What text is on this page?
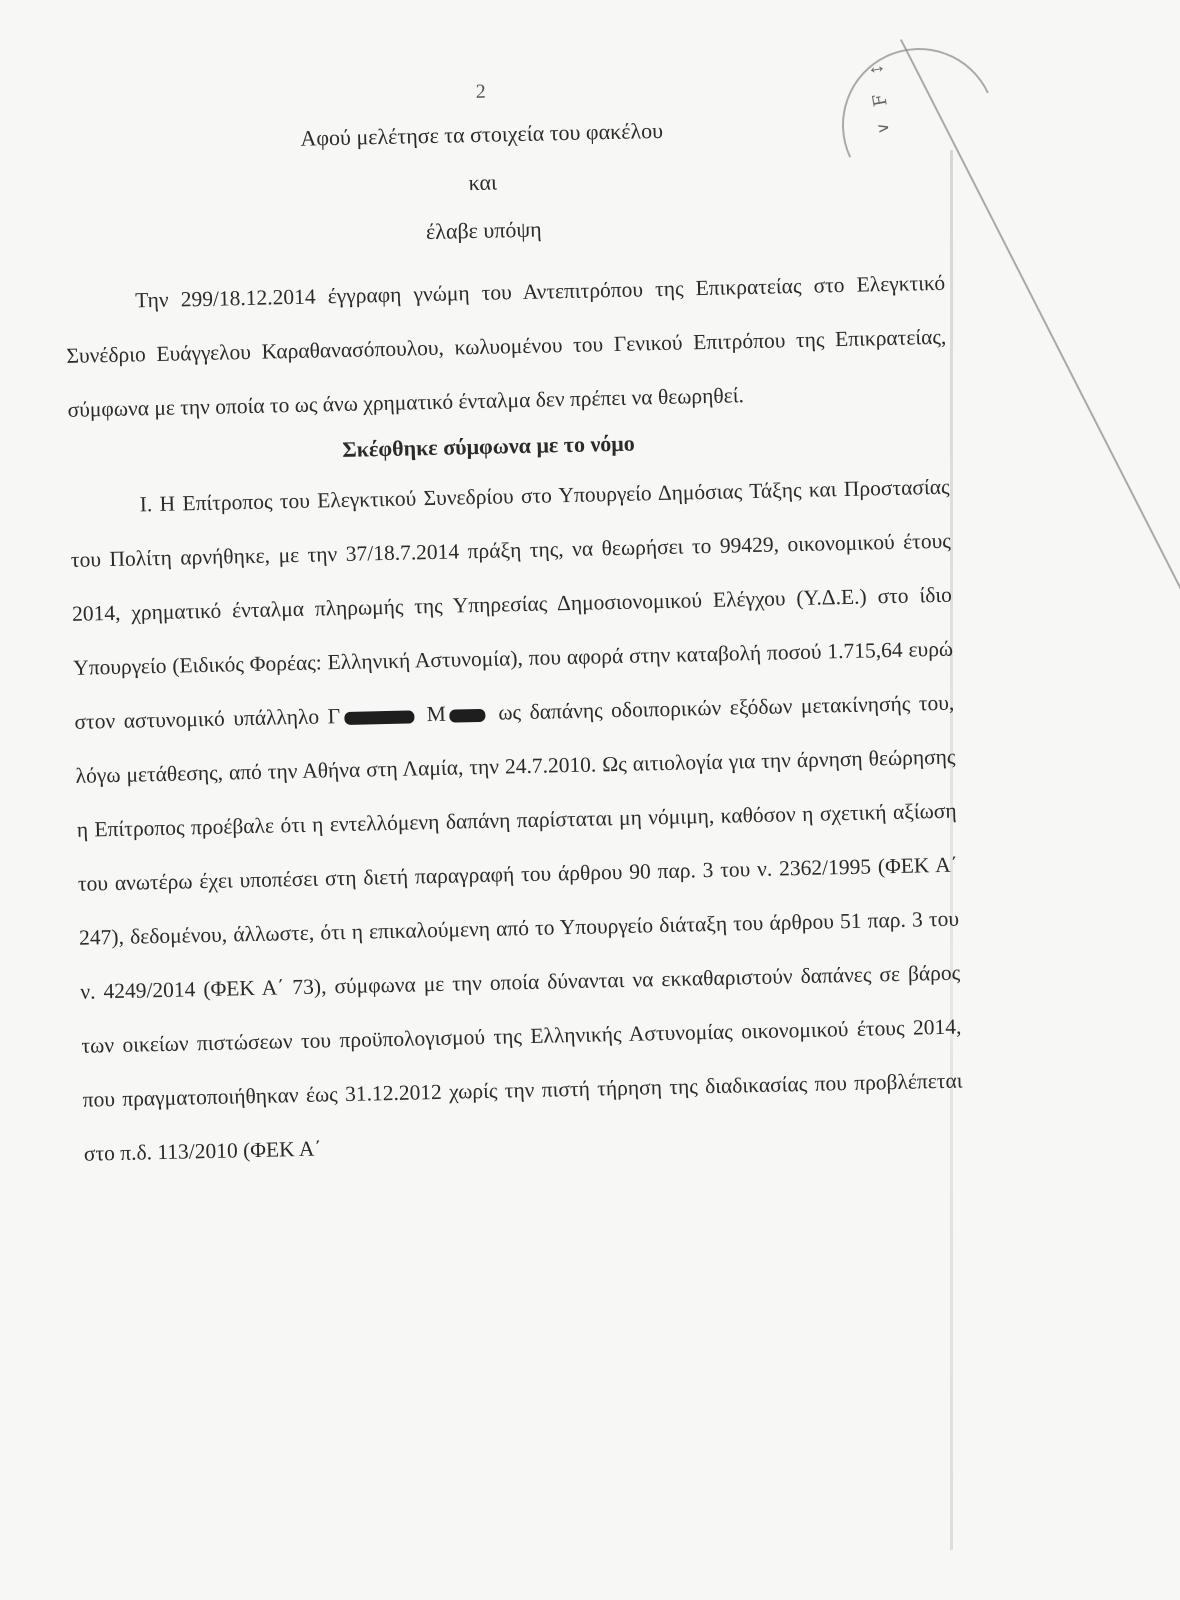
↕
Ⅎ
∧
2
Αφού μελέτησε τα στοιχεία του φακέλου
και
έλαβε υπόψη

Την 299/18.12.2014 έγγραφη γνώμη του Αντεπιτρόπου της Επικρατείας στο Ελεγκτικό Συνέδριο Ευάγγελου Καραθανασόπουλου, κωλυομένου του Γενικού Επιτρόπου της Επικρατείας, σύμφωνα με την οποία το ως άνω χρηματικό ένταλμα δεν πρέπει να θεωρηθεί.

Σκέφθηκε σύμφωνα με το νόμο

Ι. Η Επίτροπος του Ελεγκτικού Συνεδρίου στο Υπουργείο Δημόσιας Τάξης και Προστασίας του Πολίτη αρνήθηκε, με την 37/18.7.2014 πράξη της, να θεωρήσει το 99429, οικονομικού έτους 2014, χρηματικό ένταλμα πληρωμής της Υπηρεσίας Δημοσιονομικού Ελέγχου (Υ.Δ.Ε.) στο ίδιο Υπουργείο (Ειδικός Φορέας: Ελληνική Αστυνομία), που αφορά στην καταβολή ποσού 1.715,64 ευρώ στον αστυνομικό υπάλληλο Γ	Μ ως δαπάνης οδοιπορικών εξόδων μετακίνησής του, λόγω μετάθεσης, από την Αθήνα στη Λαμία, την 24.7.2010. Ως αιτιολογία για την άρνηση θεώρησης η Επίτροπος προέβαλε ότι η εντελλόμενη δαπάνη παρίσταται μη νόμιμη, καθόσον η σχετική αξίωση του ανωτέρω έχει υποπέσει στη διετή παραγραφή του άρθρου 90 παρ. 3 του ν. 2362/1995 (ΦΕΚ Α΄ 247), δεδομένου, άλλωστε, ότι η επικαλούμενη από το Υπουργείο διάταξη του άρθρου 51 παρ. 3 του ν. 4249/2014 (ΦΕΚ Α΄ 73), σύμφωνα με την οποία δύνανται να εκκαθαριστούν δαπάνες σε βάρος των οικείων πιστώσεων του προϋπολογισμού της Ελληνικής Αστυνομίας οικονομικού έτους 2014, που πραγματοποιήθηκαν έως 31.12.2012 χωρίς την πιστή τήρηση της διαδικασίας που προβλέπεται στο π.δ. 113/2010 (ΦΕΚ Α΄
